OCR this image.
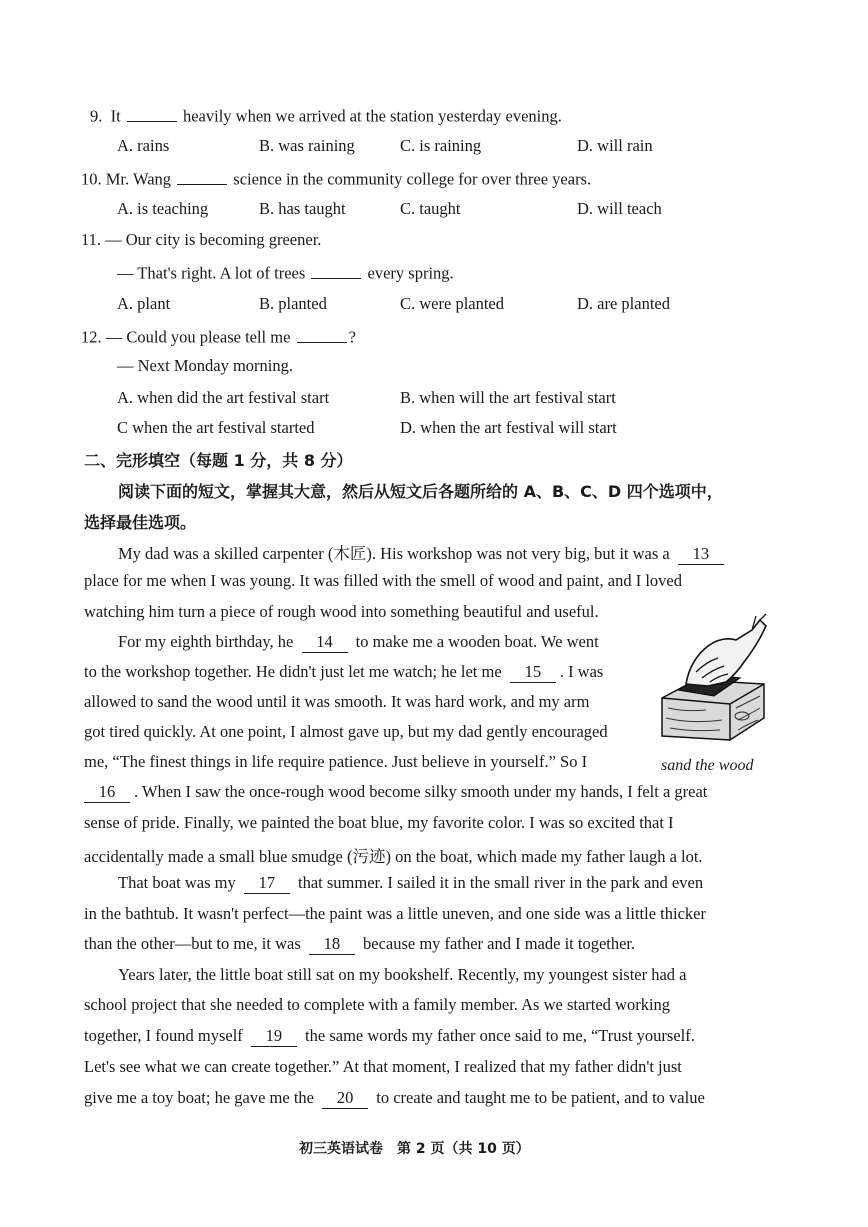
9. It	heavily when we arrived at the station yesterday evening.
A. rains	B. was raining	C. is raining	D. will rain
10. Mr. Wang	science in the community college for over three years.
A. is teaching	B. has taught	C. taught	D. will teach
11. — Our city is becoming greener.
— That's right. A lot of trees	every spring.
A. plant	B. planted	C. were planted	D. are planted
12. — Could you please tell me	?
— Next Monday morning.
A. when did the art festival start	B. when will the art festival start
C when the art festival started	D. when the art festival will start
二、完形填空（每题 1 分，共 8 分）
阅读下面的短文，掌握其大意，然后从短文后各题所给的 A、B、C、D 四个选项中，
选择最佳选项。
My dad was a skilled carpenter (木匠). His workshop was not very big, but it was a 13
place for me when I was young. It was filled with the smell of wood and paint, and I loved
watching him turn a piece of rough wood into something beautiful and useful.
For my eighth birthday, he 14 to make me a wooden boat. We went
to the workshop together. He didn't just let me watch; he let me 15 . I was
allowed to sand the wood until it was smooth. It was hard work, and my arm
got tired quickly. At one point, I almost gave up, but my dad gently encouraged
me, “The finest things in life require patience. Just believe in yourself.” So I	sand the wood
16 . When I saw the once-rough wood become silky smooth under my hands, I felt a great
sense of pride. Finally, we painted the boat blue, my favorite color. I was so excited that I
accidentally made a small blue smudge (污迹) on the boat, which made my father laugh a lot.
That boat was my 17 that summer. I sailed it in the small river in the park and even
in the bathtub. It wasn't perfect—the paint was a little uneven, and one side was a little thicker
than the other—but to me, it was 18 because my father and I made it together.
Years later, the little boat still sat on my bookshelf. Recently, my youngest sister had a
school project that she needed to complete with a family member. As we started working
together, I found myself 19 the same words my father once said to me, “Trust yourself.
Let's see what we can create together.” At that moment, I realized that my father didn't just
give me a toy boat; he gave me the 20 to create and taught me to be patient, and to value
初三英语试卷　第 2 页（共 10 页）
